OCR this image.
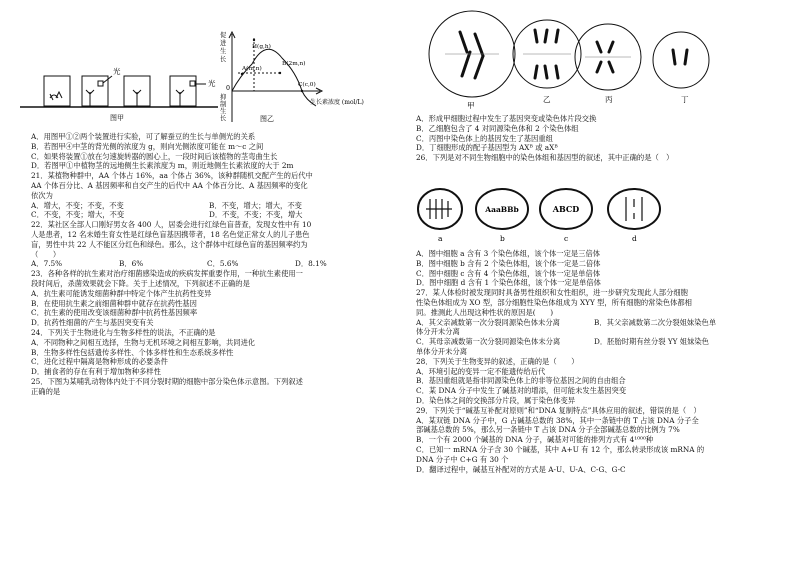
光
光
图甲
促
进
生
长
抑
制
生
长
0
H(g,h)
B(2m,n)
A(m,n)
C(c,0)
生长素浓度 (mol/L)
图乙
A．用图甲①②两个装置进行实验，可了解蚕豆的生长与单侧光的关系
B．若图甲④中茎的背光侧的浓度为 g，则向光侧浓度可能在 m～c 之间
C．如果将装置①放在匀速旋转器的圆心上，一段时间后该植物的茎弯曲生长
D．若图甲①中植物茎的远地侧生长素浓度为 m，则近地侧生长素浓度的大于 2m
21．某植物种群中，AA 个体占 16%，aa 个体占 36%，该种群随机交配产生的后代中
AA 个体百分比、A 基因频率和自交产生的后代中 AA 个体百分比、A 基因频率的变化
依次为
A．增大，不变；不变，不变	B．不变，增大；增大，不变
C．不变，不变；增大，不变	D．不变，不变；不变，增大
22．某社区全部人口刚好男女各 400 人，居委会进行红绿色盲普查，发现女性中有 10
人是患者，12 名未婚生育女性是红绿色盲基因携带者，18 名色觉正常女人的儿子患色
盲，男性中共 22 人不能区分红色和绿色。那么，这个群体中红绿色盲的基因频率约为
（　　）
A．7.5%	B．6%	C．5.6%	D．8.1%
23．各种各样的抗生素对治疗细菌感染造成的疾病发挥重要作用，一种抗生素使用一
段时间后，杀菌效果就会下降。关于上述情况，下列叙述不正确的是
A．抗生素可能诱发细菌种群中特定个体产生抗药性变异
B．在使用抗生素之前细菌种群中就存在抗药性基因
C．抗生素的使用改变该细菌种群中抗药性基因频率
D．抗药性细菌的产生与基因突变有关
24．下列关于生物进化与生物多样性的说法，不正确的是
A．不同物种之间相互选择，生物与无机环境之间相互影响，共同进化
B．生物多样性包括遗传多样性、个体多样性和生态系统多样性
C．进化过程中隔离是物种形成的必要条件
D．捕食者的存在有利于增加物种多样性
25．下图为某哺乳动物体内处于不同分裂时期的细胞中部分染色体示意图。下列叙述
正确的是
甲
乙	丙	丁
A．形成甲细胞过程中发生了基因突变或染色体片段交换
B．乙细胞包含了 4 对同源染色体和 2 个染色体组
C．丙图中染色体上的基因发生了基因重组
D．丁细胞形成的配子基因型为 AXᴮ 或 aXᴮ
26．下列是对不同生物细胞中的染色体组和基因型的叙述，其中正确的是（　）
AaaBBb	ABCD
a	b	c	d
A．图中细胞 a 含有 3 个染色体组，该个体一定是三倍体
B．图中细胞 b 含有 2 个染色体组，该个体一定是二倍体
C．图中细胞 c 含有 4 个染色体组，该个体一定是单倍体
D．图中细胞 d 含有 1 个染色体组，该个体一定是单倍体
27．某人体检时被发现同时具备男性组织和女性组织，进一步研究发现此人部分细胞
性染色体组成为 XO 型，部分细胞性染色体组成为 XYY 型，所有细胞的常染色体都相
同。推测此人出现这种性状的原因是(　　)
A．其父亲减数第一次分裂同源染色体未分离	B．其父亲减数第二次分裂姐妹染色单
体分开未分离
C．其母亲减数第一次分裂同源染色体未分离	D．胚胎时期有丝分裂 YY 姐妹染色
单体分开未分离
28．下列关于生物变异的叙述，正确的是（　　）
A．环境引起的变异一定不能遗传给后代
B．基因重组就是指非同源染色体上的非等位基因之间的自由组合
C．某 DNA 分子中发生了碱基对的增添，但可能未发生基因突变
D．染色体之间的交换部分片段，属于染色体变异
29．下列关于“碱基互补配对原则”和“DNA 复制特点”具体应用的叙述，错误的是（　）
A．某双链 DNA 分子中，G 占碱基总数的 38%，其中一条链中的 T 占该 DNA 分子全
部碱基总数的 5%，那么另一条链中 T 占该 DNA 分子全部碱基总数的比例为 7%
B．一个有 2000 个碱基的 DNA 分子，碱基对可能的排列方式有 4¹⁰⁰⁰种
C．已知一 mRNA 分子含 30 个碱基，其中 A+U 有 12 个，那么转录形成该 mRNA 的
DNA 分子中 C+G 有 30 个
D．翻译过程中，碱基互补配对的方式是 A-U、U-A、C-G、G-C
